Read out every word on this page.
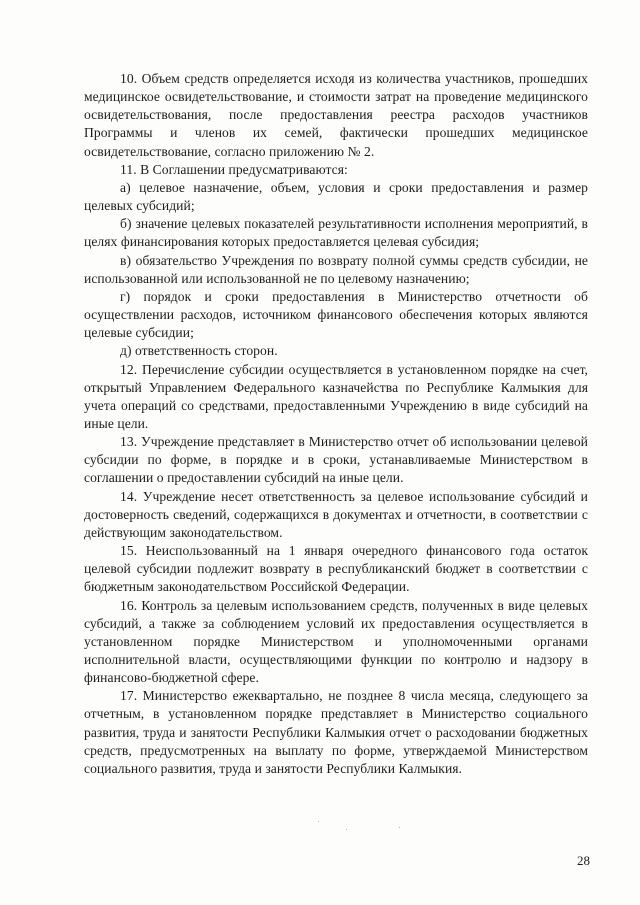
10. Объем средств определяется исходя из количества участников, прошедших медицинское освидетельствование, и стоимости затрат на проведение медицинского освидетельствования, после предоставления реестра расходов участников Программы и членов их семей, фактически прошедших медицинское освидетельствование, согласно приложению № 2.

11. В Соглашении предусматриваются:

а) целевое назначение, объем, условия и сроки предоставления и размер целевых субсидий;

б) значение целевых показателей результативности исполнения мероприятий, в целях финансирования которых предоставляется целевая субсидия;

в) обязательство Учреждения по возврату полной суммы средств субсидии, не использованной или использованной не по целевому назначению;

г) порядок и сроки предоставления в Министерство отчетности об осуществлении расходов, источником финансового обеспечения которых являются целевые субсидии;

д) ответственность сторон.

12. Перечисление субсидии осуществляется в установленном порядке на счет, открытый Управлением Федерального казначейства по Республике Калмыкия для учета операций со средствами, предоставленными Учреждению в виде субсидий на иные цели.

13. Учреждение представляет в Министерство отчет об использовании целевой субсидии по форме, в порядке и в сроки, устанавливаемые Министерством в соглашении о предоставлении субсидий на иные цели.

14. Учреждение несет ответственность за целевое использование субсидий и достоверность сведений, содержащихся в документах и отчетности, в соответствии с действующим законодательством.

15. Неиспользованный на 1 января очередного финансового года остаток целевой субсидии подлежит возврату в республиканский бюджет в соответствии с бюджетным законодательством Российской Федерации.

16. Контроль за целевым использованием средств, полученных в виде целевых субсидий, а также за соблюдением условий их предоставления осуществляется в установленном порядке Министерством и уполномоченными органами исполнительной власти, осуществляющими функции по контролю и надзору в финансово-бюджетной сфере.

17. Министерство ежеквартально, не позднее 8 числа месяца, следующего за отчетным, в установленном порядке представляет в Министерство социального развития, труда и занятости Республики Калмыкия отчет о расходовании бюджетных средств, предусмотренных на выплату по форме, утверждаемой Министерством социального развития, труда и занятости Республики Калмыкия.

28
